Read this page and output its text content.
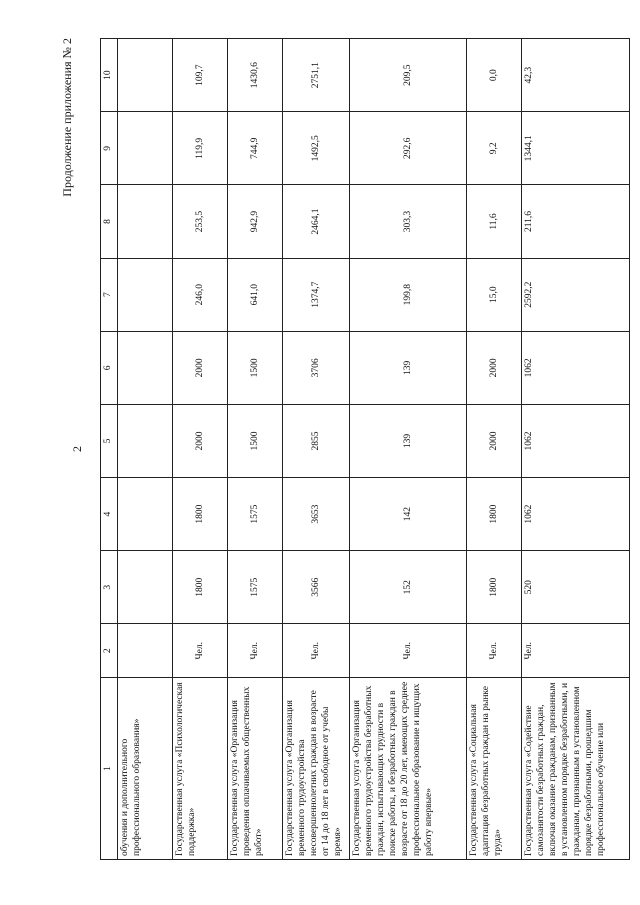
2
Продолжение приложения № 2
1	2	3	4	5	6	7	8	9	10
обучения и дополнительного профессионального образования»									
Государственная услуга «Психологическая поддержка»	Чел.	1800	1800	2000	2000	246,0	253,5	119,9	109,7
Государственная услуга «Организация проведения оплачиваемых общественных работ»	Чел.	1575	1575	1500	1500	641,0	942,9	744,9	1430,6
Государственная услуга «Организация временного трудоустройства несовершеннолетних граждан в возрасте от 14 до 18 лет в свободное от учебы время»	Чел.	3566	3653	2855	3706	1374,7	2464,1	1492,5	2751,1
Государственная услуга «Организация временного трудоустройства безработных граждан, испытывающих трудности в поиске работы, и безработных граждан в возрасте от 18 до 20 лет, имеющих среднее профессиональное образование и ищущих работу впервые»	Чел.	152	142	139	139	199,8	303,3	292,6	209,5
Государственная услуга «Социальная адаптация безработных граждан на рынке труда»	Чел.	1800	1800	2000	2000	15,0	11,6	9,2	0,0
Государственная услуга «Содействие самозанятости безработных граждан, включая оказание гражданам, признанным в установленном порядке безработными, и гражданам, признанным в установленном порядке безработными, прошедшим профессиональное обучение или	Чел.	520	1062	1062	1062	2592,2	211,6	1344,1	42,3
